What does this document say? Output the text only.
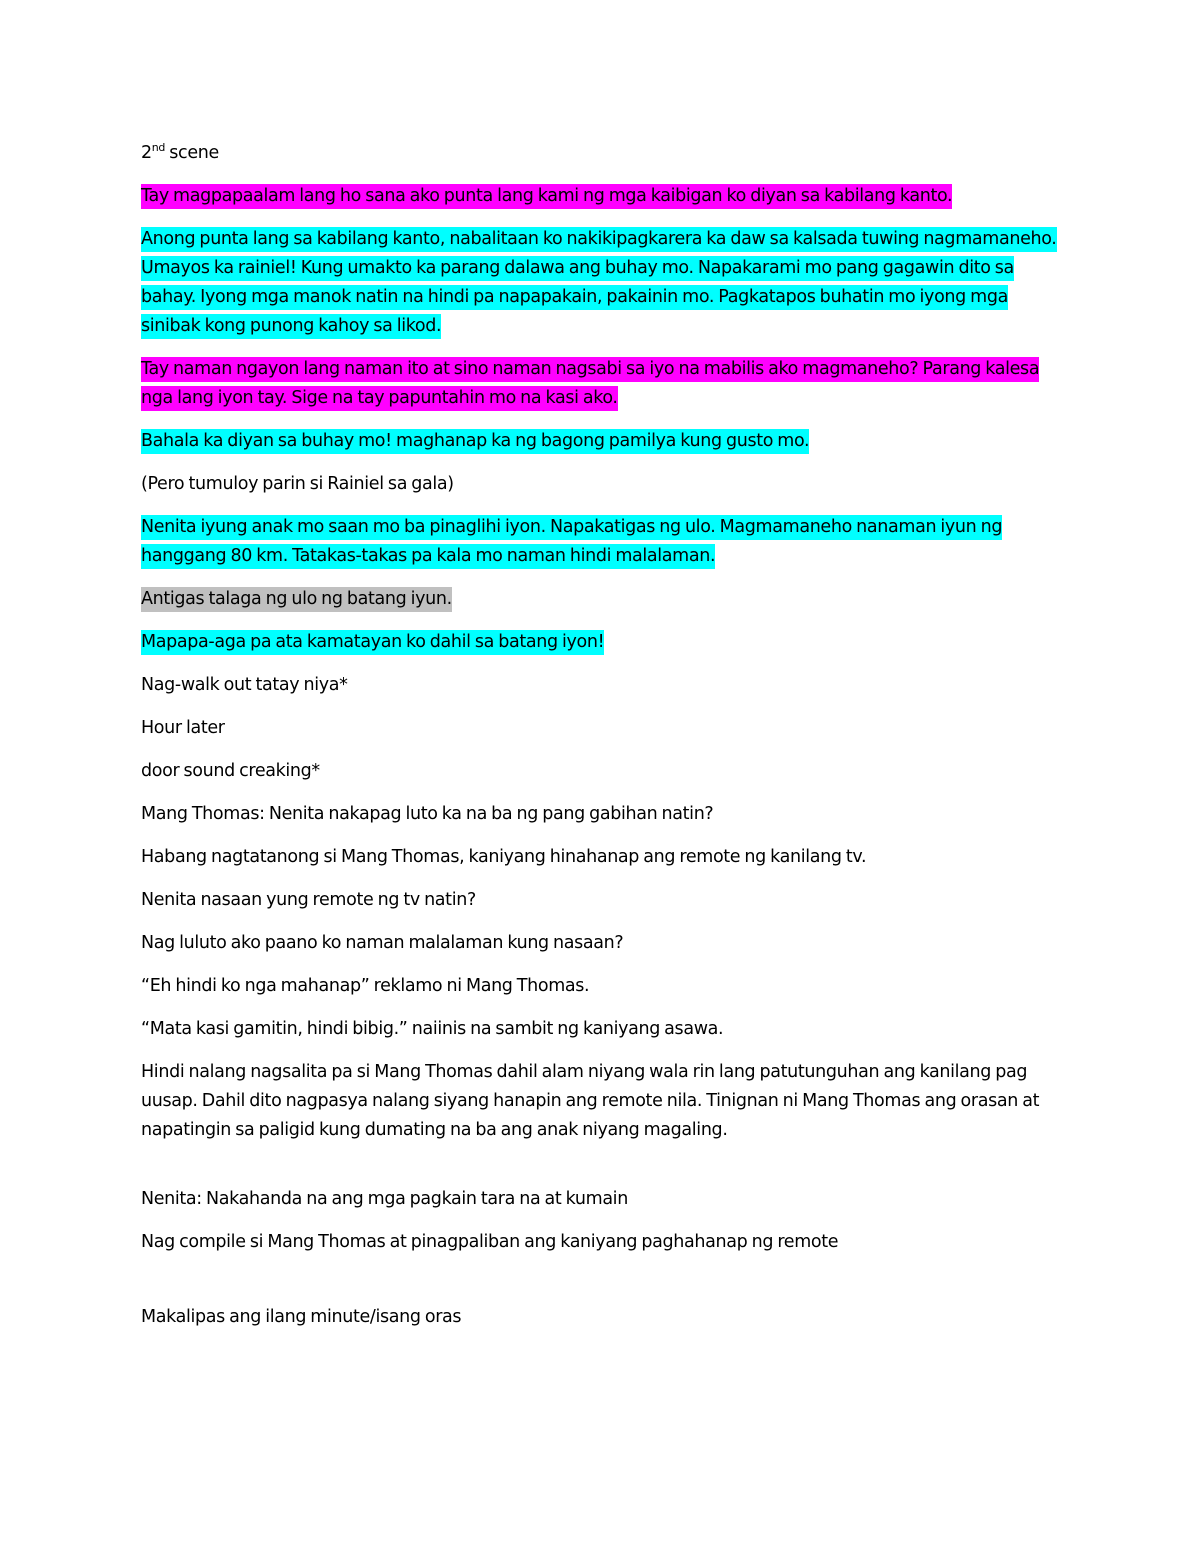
2nd scene

Tay magpapaalam lang ho sana ako punta lang kami ng mga kaibigan ko diyan sa kabilang kanto.

Anong punta lang sa kabilang kanto, nabalitaan ko nakikipagkarera ka daw sa kalsada tuwing nagmamaneho. Umayos ka rainiel! Kung umakto ka parang dalawa ang buhay mo. Napakarami mo pang gagawin dito sa bahay. Iyong mga manok natin na hindi pa napapakain, pakainin mo. Pagkatapos buhatin mo iyong mga sinibak kong punong kahoy sa likod.

Tay naman ngayon lang naman ito at sino naman nagsabi sa iyo na mabilis ako magmaneho? Parang kalesa nga lang iyon tay. Sige na tay papuntahin mo na kasi ako.

Bahala ka diyan sa buhay mo! maghanap ka ng bagong pamilya kung gusto mo.

(Pero tumuloy parin si Rainiel sa gala)

Nenita iyung anak mo saan mo ba pinaglihi iyon. Napakatigas ng ulo. Magmamaneho nanaman iyun ng hanggang 80 km. Tatakas-takas pa kala mo naman hindi malalaman.

Antigas talaga ng ulo ng batang iyun.

Mapapa-aga pa ata kamatayan ko dahil sa batang iyon!

Nag-walk out tatay niya*

Hour later

door sound creaking*

Mang Thomas: Nenita nakapag luto ka na ba ng pang gabihan natin?

Habang nagtatanong si Mang Thomas, kaniyang hinahanap ang remote ng kanilang tv.

Nenita nasaan yung remote ng tv natin?

Nag luluto ako paano ko naman malalaman kung nasaan?

“Eh hindi ko nga mahanap” reklamo ni Mang Thomas.

“Mata kasi gamitin, hindi bibig.” naiinis na sambit ng kaniyang asawa.

Hindi nalang nagsalita pa si Mang Thomas dahil alam niyang wala rin lang patutunguhan ang kanilang pag uusap. Dahil dito nagpasya nalang siyang hanapin ang remote nila. Tinignan ni Mang Thomas ang orasan at napatingin sa paligid kung dumating na ba ang anak niyang magaling.

Nenita: Nakahanda na ang mga pagkain tara na at kumain

Nag compile si Mang Thomas at pinagpaliban ang kaniyang paghahanap ng remote

Makalipas ang ilang minute/isang oras
